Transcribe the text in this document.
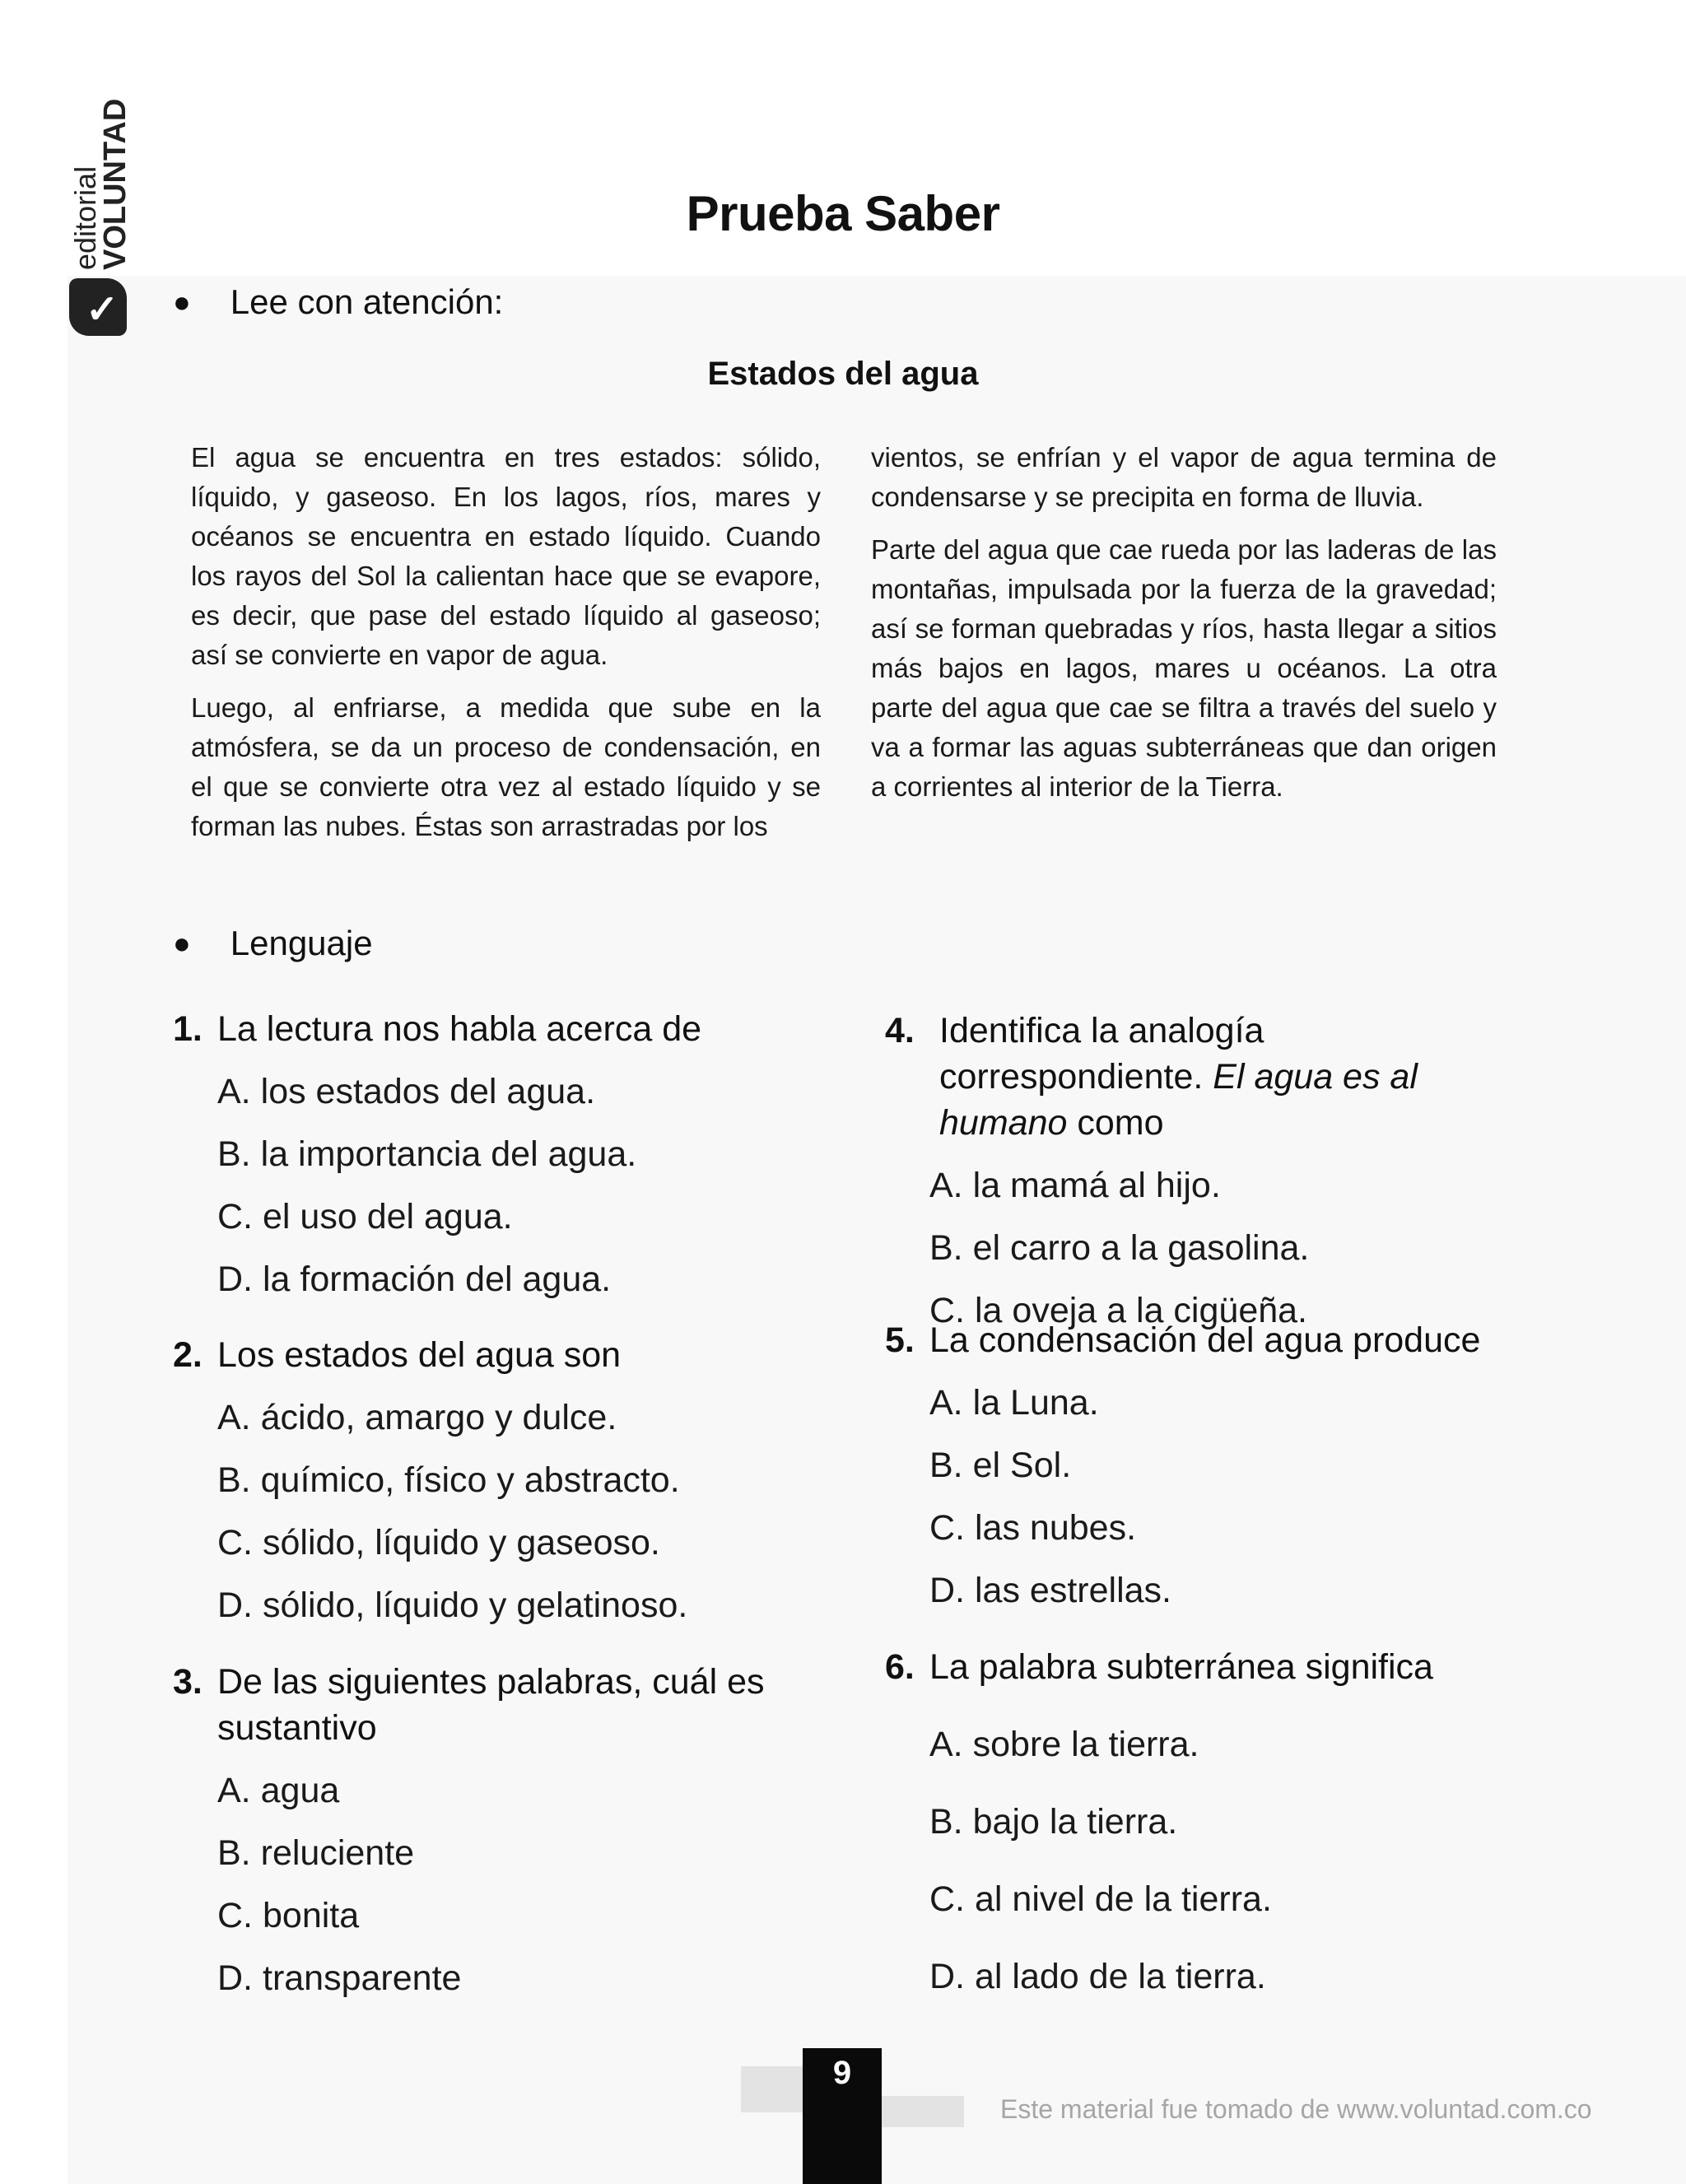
editorial
VOLUNTAD
✓
Prueba Saber
● Lee con atención:
Estados del agua

El agua se encuentra en tres estados: sólido, líquido, y gaseoso. En los lagos, ríos, mares y océanos se encuentra en estado líquido. Cuando los rayos del Sol la calientan hace que se evapore, es decir, que pase del estado líquido al gaseoso; así se convierte en vapor de agua.

Luego, al enfriarse, a medida que sube en la atmósfera, se da un proceso de condensación, en el que se convierte otra vez al estado líquido y se forman las nubes. Éstas son arrastradas por los

vientos, se enfrían y el vapor de agua termina de condensarse y se precipita en forma de lluvia.

Parte del agua que cae rueda por las laderas de las montañas, impulsada por la fuerza de la gravedad; así se forman quebradas y ríos, hasta llegar a sitios más bajos en lagos, mares u océanos. La otra parte del agua que cae se filtra a través del suelo y va a formar las aguas subterráneas que dan origen a corrientes al interior de la Tierra.

● Lenguaje

1. La lectura nos habla acerca de

A. los estados del agua.

B. la importancia del agua.

C. el uso del agua.

D. la formación del agua.

2. Los estados del agua son

A. ácido, amargo y dulce.

B. químico, físico y abstracto.

C. sólido, líquido y gaseoso.

D. sólido, líquido y gelatinoso.

3. De las siguientes palabras, cuál es sustantivo

A. agua

B. reluciente

C. bonita

D. transparente

4. Identifica la analogía correspondiente. El agua es al humano como

A. la mamá al hijo.

B. el carro a la gasolina.

C. la oveja a la cigüeña.

5. La condensación del agua produce

A. la Luna.

B. el Sol.

C. las nubes.

D. las estrellas.

6. La palabra subterránea significa

A. sobre la tierra.

B. bajo la tierra.

C. al nivel de la tierra.

D. al lado de la tierra.

9
Este material fue tomado de www.voluntad.com.co
